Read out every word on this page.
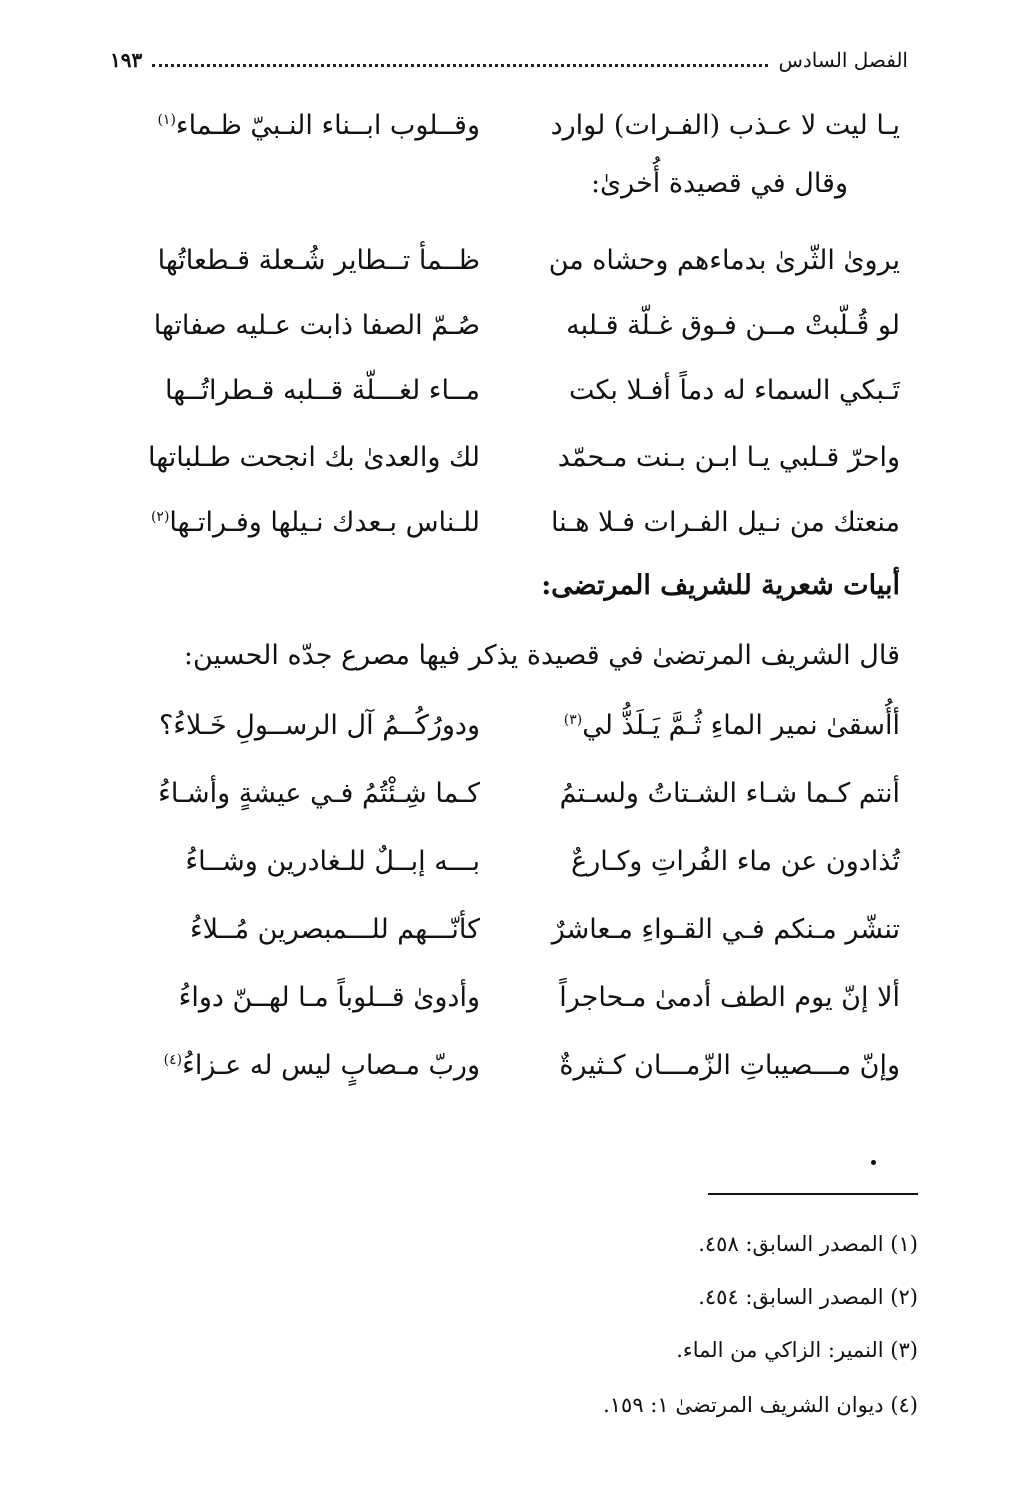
الفصل السادس
١٩٣
يـا ليت لا عـذب (الفـرات) لوارد
وقــلوب ابــناء النـبيّ ظـماء$^{(١)}$
وقال في قصيدة أُخرىٰ:
يروىٰ الثّرىٰ بدماءهم وحشاه من
ظــمأ تــطاير شُـعلة قـطعاتُها
لو قُـلّبتْ مــن فـوق غـلّة قـلبه
صُـمّ الصفا ذابت عـليه صفاتها
تَـبكي السماء له دماً أفـلا بكت
مــاء لغـــلّة قــلبه قـطراتُــها
واحرّ قـلبي يـا ابـن بـنت مـحمّد
لك والعدىٰ بك انجحت طـلباتها
منعتك من نـيل الفـرات فـلا هـنا
للـناس بـعدك نـيلها وفـراتـها$^{(٢)}$
أبيات شعرية للشريف المرتضى:
قال الشريف المرتضىٰ في قصيدة يذكر فيها مصرع جدّه الحسين:
أأُسقىٰ نمير الماءِ ثُـمَّ يَـلَذُّ لي$^{(٣)}$
ودورُكُــمُ آل الرســولِ خَـلاءُ؟
أنتم كـما شـاء الشـتاتُ ولسـتمُ
كـما شِـئْتُمُ فـي عيشةٍ وأشـاءُ
تُذادون عن ماء الفُراتِ وكـارعٌ
بـــه إبــلٌ للـغادرين وشــاءُ
تنشّر مـنكم فـي القـواءِ مـعاشرٌ
كأنّـــهم للـــمبصرين مُــلاءُ
ألا إنّ يوم الطف أدمىٰ مـحاجراً
وأدوىٰ قــلوباً مـا لهــنّ دواءُ
وإنّ مـــصيباتِ الزّمـــان كـثيرةٌ
وربّ مـصابٍ ليس له عـزاءُ$^{(٤)}$
(١) المصدر السابق: ٤٥٨.
(٢) المصدر السابق: ٤٥٤.
(٣) النمير: الزاكي من الماء.
(٤) ديوان الشريف المرتضىٰ ١: ١٥٩.
